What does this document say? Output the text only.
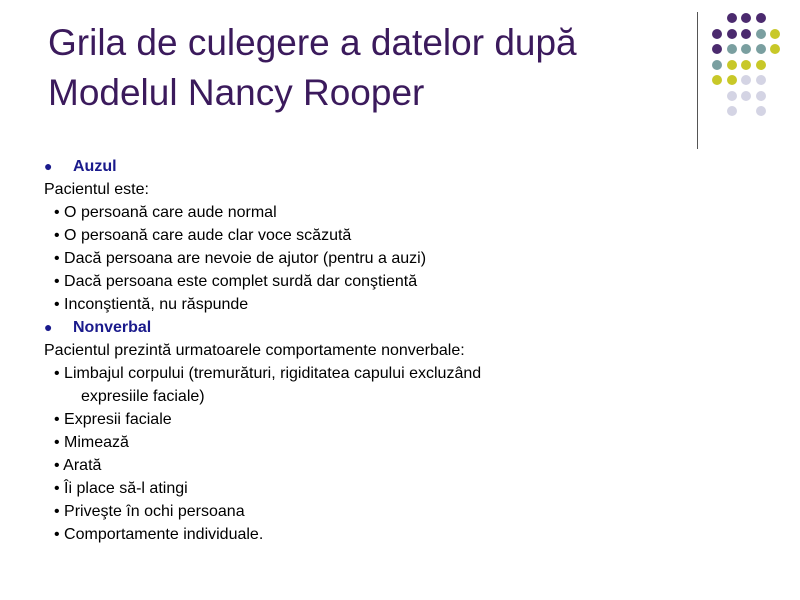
Grila de culegere a datelor după
Modelul Nancy Rooper
● Auzul
Pacientul este:
• O persoană care aude normal
• O persoană care aude clar voce scăzută
• Dacă persoana are nevoie de ajutor (pentru a auzi)
• Dacă persoana este complet surdă dar conştientă
• Inconştientă, nu răspunde
● Nonverbal
Pacientul prezintă urmatoarele comportamente nonverbale:
• Limbajul corpului (tremurături, rigiditatea capului excluzând
expresiile faciale)
• Expresii faciale
• Mimează
• Arată
• Îi place să-l atingi
• Priveşte în ochi persoana
• Comportamente individuale.
